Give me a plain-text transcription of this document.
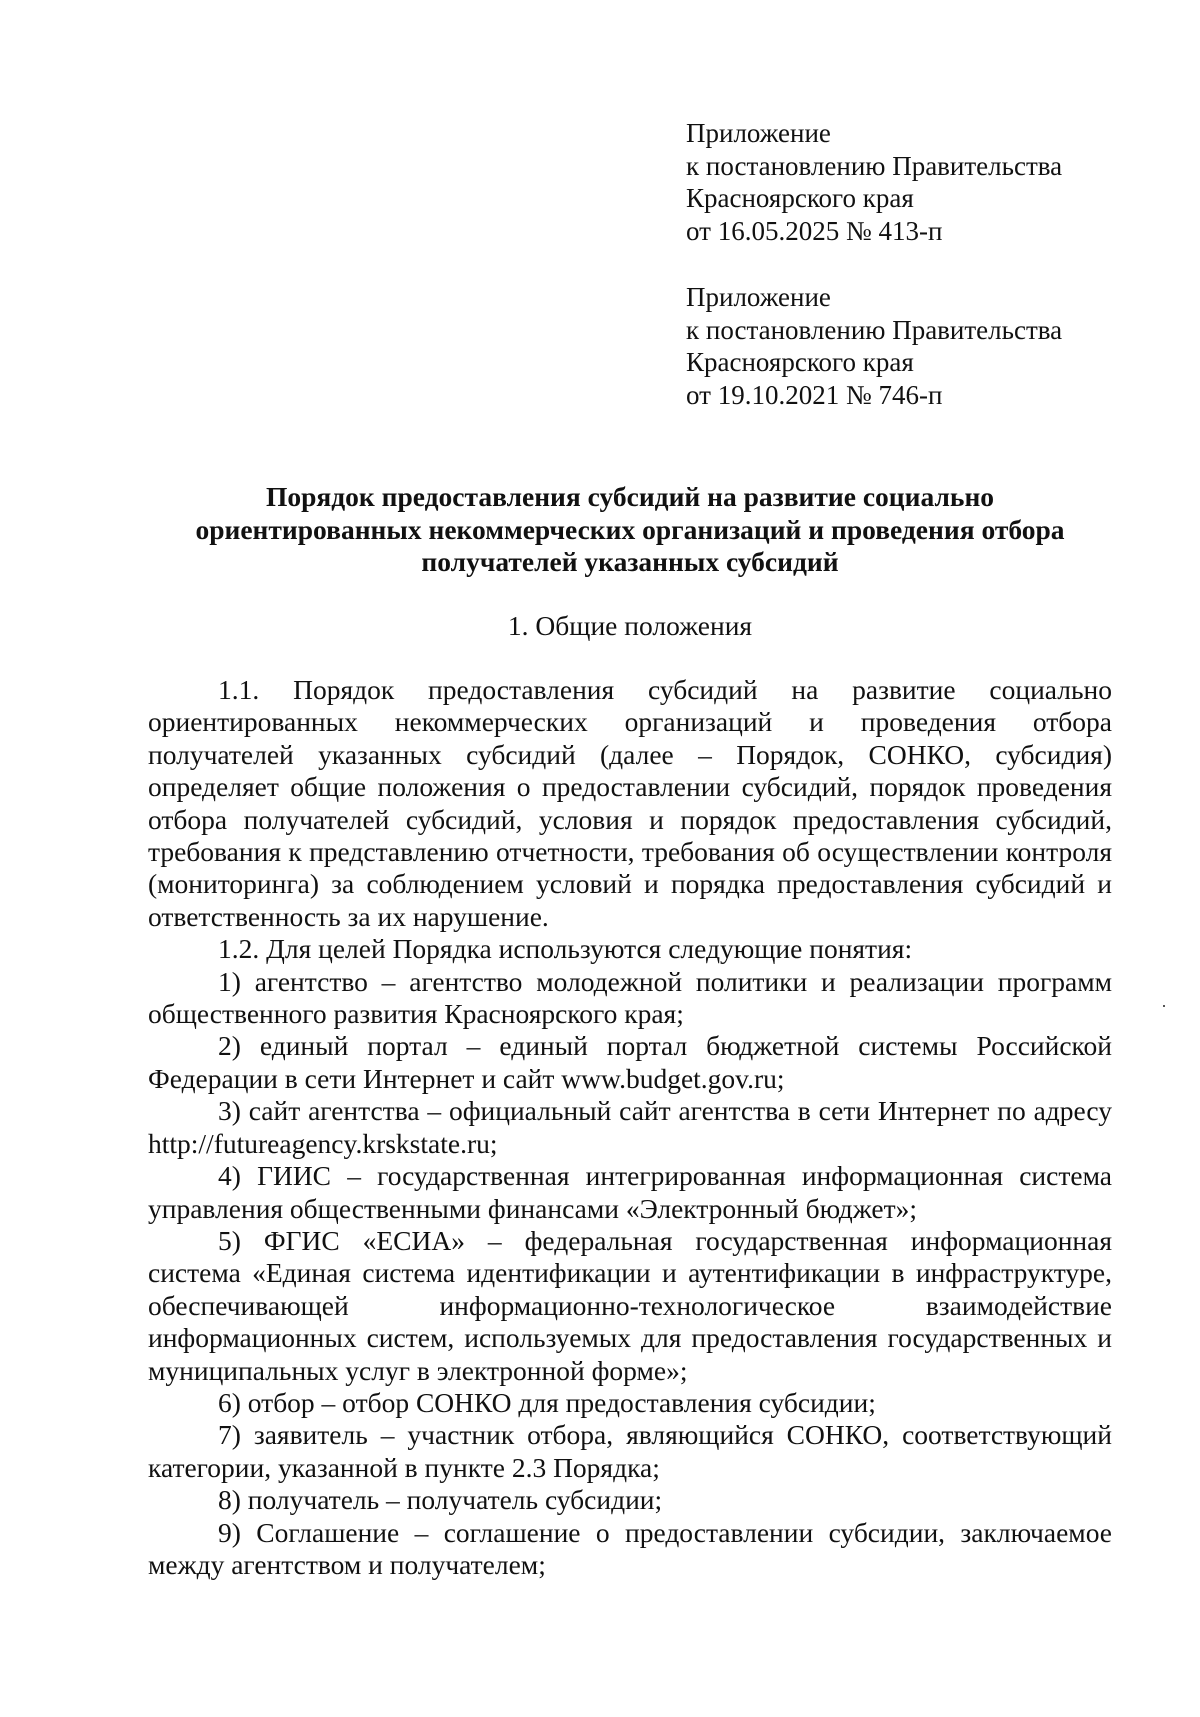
Приложение
к постановлению Правительства
Красноярского края
от 16.05.2025 № 413-п
Приложение
к постановлению Правительства
Красноярского края
от 19.10.2021 № 746-п
Порядок предоставления субсидий на развитие социально
ориентированных некоммерческих организаций и проведения отбора
получателей указанных субсидий
1. Общие положения

1.1. Порядок предоставления субсидий на развитие социально ориентированных некоммерческих организаций и проведения отбора получателей указанных субсидий (далее – Порядок, СОНКО, субсидия) определяет общие положения о предоставлении субсидий, порядок проведения отбора получателей субсидий, условия и порядок предоставления субсидий, требования к представлению отчетности, требования об осуществлении контроля (мониторинга) за соблюдением условий и порядка предоставления субсидий и ответственность за их нарушение.

1.2. Для целей Порядка используются следующие понятия:

1) агентство – агентство молодежной политики и реализации программ общественного развития Красноярского края;

2) единый портал – единый портал бюджетной системы Российской Федерации в сети Интернет и сайт www.budget.gov.ru;

3) сайт агентства – официальный сайт агентства в сети Интернет по адресу http://futureagency.krskstate.ru;

4) ГИИС – государственная интегрированная информационная система управления общественными финансами «Электронный бюджет»;

5) ФГИС «ЕСИА» – федеральная государственная информационная система «Единая система идентификации и аутентификации в инфраструктуре, обеспечивающей информационно-технологическое взаимодействие информационных систем, используемых для предоставления государственных и муниципальных услуг в электронной форме»;

6) отбор – отбор СОНКО для предоставления субсидии;

7) заявитель – участник отбора, являющийся СОНКО, соответствующий категории, указанной в пункте 2.3 Порядка;

8) получатель – получатель субсидии;

9) Соглашение – соглашение о предоставлении субсидии, заключаемое между агентством и получателем;
